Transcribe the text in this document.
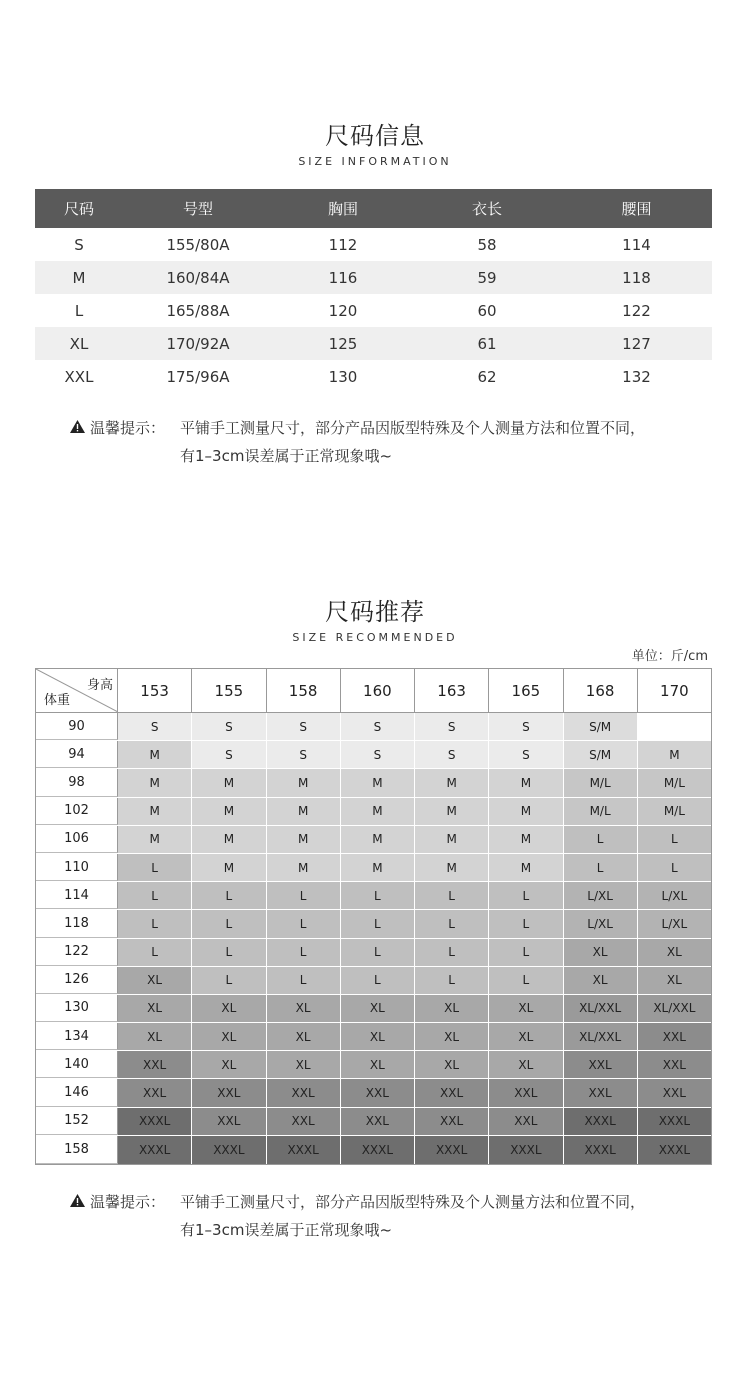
尺码信息
SIZE INFORMATION
尺码	号型	胸围	衣长	腰围
S	155/80A	112	58	114
M	160/84A	116	59	118
L	165/88A	120	60	122
XL	170/92A	125	61	127
XXL	175/96A	130	62	132
温馨提示： 平铺手工测量尺寸，部分产品因版型特殊及个人测量方法和位置不同，
有1–3cm误差属于正常现象哦~
尺码推荐
SIZE RECOMMENDED
单位：斤/cm
身高
体重
153	155	158	160	163	165	168	170
90	S	S	S	S	S	S	S/M
94	M	S	S	S	S	S	S/M	M
98	M	M	M	M	M	M	M/L	M/L
102	M	M	M	M	M	M	M/L	M/L
106	M	M	M	M	M	M	L	L
110	L	M	M	M	M	M	L	L
114	L	L	L	L	L	L	L/XL	L/XL
118	L	L	L	L	L	L	L/XL	L/XL
122	L	L	L	L	L	L	XL	XL
126	XL	L	L	L	L	L	XL	XL
130	XL	XL	XL	XL	XL	XL	XL/XXL	XL/XXL
134	XL	XL	XL	XL	XL	XL	XL/XXL	XXL
140	XXL	XL	XL	XL	XL	XL	XXL	XXL
146	XXL	XXL	XXL	XXL	XXL	XXL	XXL	XXL
152	XXXL	XXL	XXL	XXL	XXL	XXL	XXXL	XXXL
158	XXXL	XXXL	XXXL	XXXL	XXXL	XXXL	XXXL	XXXL
温馨提示： 平铺手工测量尺寸，部分产品因版型特殊及个人测量方法和位置不同，
有1–3cm误差属于正常现象哦~
